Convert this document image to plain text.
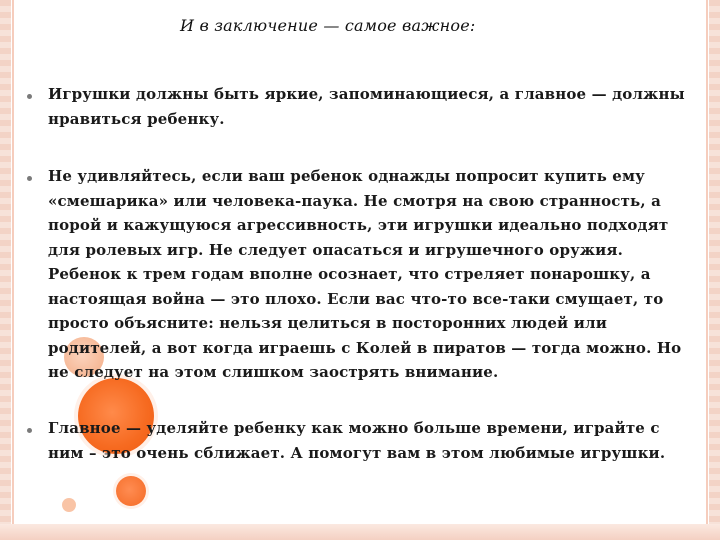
И в заключение — самое важное:
Игрушки должны быть яркие, запоминающиеся, а главное — должны нравиться ребенку.
Не удивляйтесь, если ваш ребенок однажды попросит купить ему «смешарика» или человека-паука. Не смотря на свою странность, а порой и кажущуюся агрессивность, эти игрушки идеально подходят для ролевых игр. Не следует опасаться и игрушечного оружия. Ребенок к трем годам вполне осознает, что стреляет понарошку, а настоящая война — это плохо. Если вас что-то все-таки смущает, то просто объясните: нельзя целиться в посторонних людей или родителей, а вот когда играешь с Колей в пиратов — тогда можно. Но не следует на этом слишком заострять внимание.
Главное — уделяйте ребенку как можно больше времени, играйте с ним – это очень сближает. А помогут вам в этом любимые игрушки.
